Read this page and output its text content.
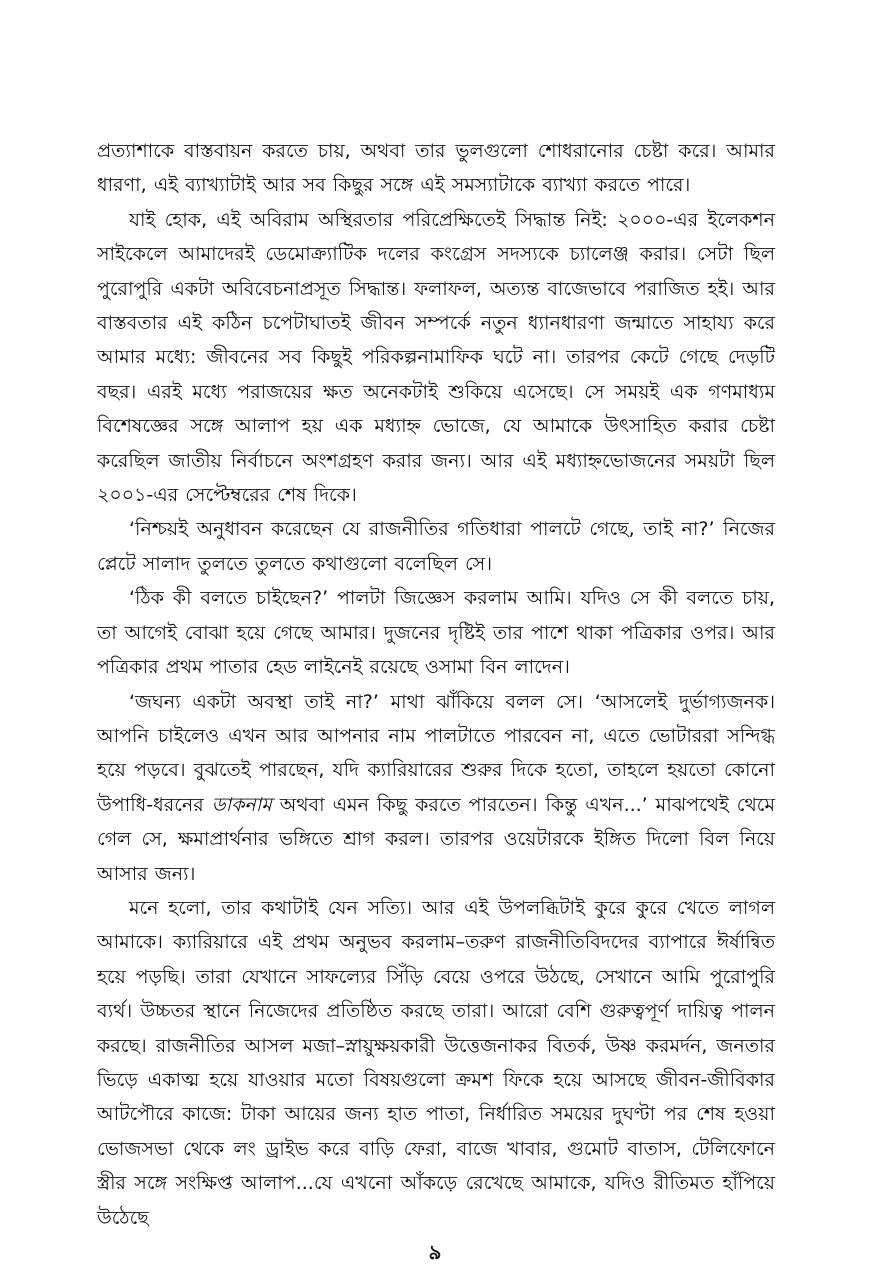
প্রত্যাশাকে বাস্তবায়ন করতে চায়, অথবা তার ভুলগুলো শোধরানোর চেষ্টা করে। আমার ধারণা, এই ব্যাখ্যাটাই আর সব কিছুর সঙ্গে এই সমস্যাটাকে ব্যাখ্যা করতে পারে।

যাই হোক, এই অবিরাম অস্থিরতার পরিপ্রেক্ষিতেই সিদ্ধান্ত নিই: ২০০০-এর ইলেকশন সাইকেলে আমাদেরই ডেমোক্র্যাটিক দলের কংগ্রেস সদস্যকে চ্যালেঞ্জ করার। সেটা ছিল পুরোপুরি একটা অবিবেচনাপ্রসূত সিদ্ধান্ত। ফলাফল, অত্যন্ত বাজেভাবে পরাজিত হই। আর বাস্তবতার এই কঠিন চপেটাঘাতই জীবন সম্পর্কে নতুন ধ্যানধারণা জন্মাতে সাহায্য করে আমার মধ্যে: জীবনের সব কিছুই পরিকল্পনামাফিক ঘটে না। তারপর কেটে গেছে দেড়টি বছর। এরই মধ্যে পরাজয়ের ক্ষত অনেকটাই শুকিয়ে এসেছে। সে সময়ই এক গণমাধ্যম বিশেষজ্ঞের সঙ্গে আলাপ হয় এক মধ্যাহ্ন ভোজে, যে আমাকে উৎসাহিত করার চেষ্টা করেছিল জাতীয় নির্বাচনে অংশগ্রহণ করার জন্য। আর এই মধ্যাহ্নভোজনের সময়টা ছিল ২০০১-এর সেপ্টেম্বরের শেষ দিকে।

‘নিশ্চয়ই অনুধাবন করেছেন যে রাজনীতির গতিধারা পালটে গেছে, তাই না?’ নিজের প্লেটে সালাদ তুলতে তুলতে কথাগুলো বলেছিল সে।

‘ঠিক কী বলতে চাইছেন?’ পালটা জিজ্ঞেস করলাম আমি। যদিও সে কী বলতে চায়, তা আগেই বোঝা হয়ে গেছে আমার। দুজনের দৃষ্টিই তার পাশে থাকা পত্রিকার ওপর। আর পত্রিকার প্রথম পাতার হেড লাইনেই রয়েছে ওসামা বিন লাদেন।

‘জঘন্য একটা অবস্থা তাই না?’ মাথা ঝাঁকিয়ে বলল সে। ‘আসলেই দুর্ভাগ্যজনক। আপনি চাইলেও এখন আর আপনার নাম পালটাতে পারবেন না, এতে ভোটাররা সন্দিগ্ধ হয়ে পড়বে। বুঝতেই পারছেন, যদি ক্যারিয়ারের শুরুর দিকে হতো, তাহলে হয়তো কোনো উপাধি-ধরনের ডাকনাম অথবা এমন কিছু করতে পারতেন। কিন্তু এখন...’ মাঝপথেই থেমে গেল সে, ক্ষমাপ্রার্থনার ভঙ্গিতে শ্রাগ করল। তারপর ওয়েটারকে ইঙ্গিত দিলো বিল নিয়ে আসার জন্য।

মনে হলো, তার কথাটাই যেন সত্যি। আর এই উপলব্ধিটাই কুরে কুরে খেতে লাগল আমাকে। ক্যারিয়ারে এই প্রথম অনুভব করলাম–তরুণ রাজনীতিবিদদের ব্যাপারে ঈর্ষান্বিত হয়ে পড়ছি। তারা যেখানে সাফল্যের সিঁড়ি বেয়ে ওপরে উঠছে, সেখানে আমি পুরোপুরি ব্যর্থ। উচ্চতর স্থানে নিজেদের প্রতিষ্ঠিত করছে তারা। আরো বেশি গুরুত্বপূর্ণ দায়িত্ব পালন করছে। রাজনীতির আসল মজা–স্নায়ুক্ষয়কারী উত্তেজনাকর বিতর্ক, উষ্ণ করমর্দন, জনতার ভিড়ে একাত্ম হয়ে যাওয়ার মতো বিষয়গুলো ক্রমশ ফিকে হয়ে আসছে জীবন-জীবিকার আটপৌরে কাজে: টাকা আয়ের জন্য হাত পাতা, নির্ধারিত সময়ের দুঘণ্টা পর শেষ হওয়া ভোজসভা থেকে লং ড্রাইভ করে বাড়ি ফেরা, বাজে খাবার, গুমোট বাতাস, টেলিফোনে স্ত্রীর সঙ্গে সংক্ষিপ্ত আলাপ...যে এখনো আঁকড়ে রেখেছে আমাকে, যদিও রীতিমত হাঁপিয়ে উঠেছে

৯
